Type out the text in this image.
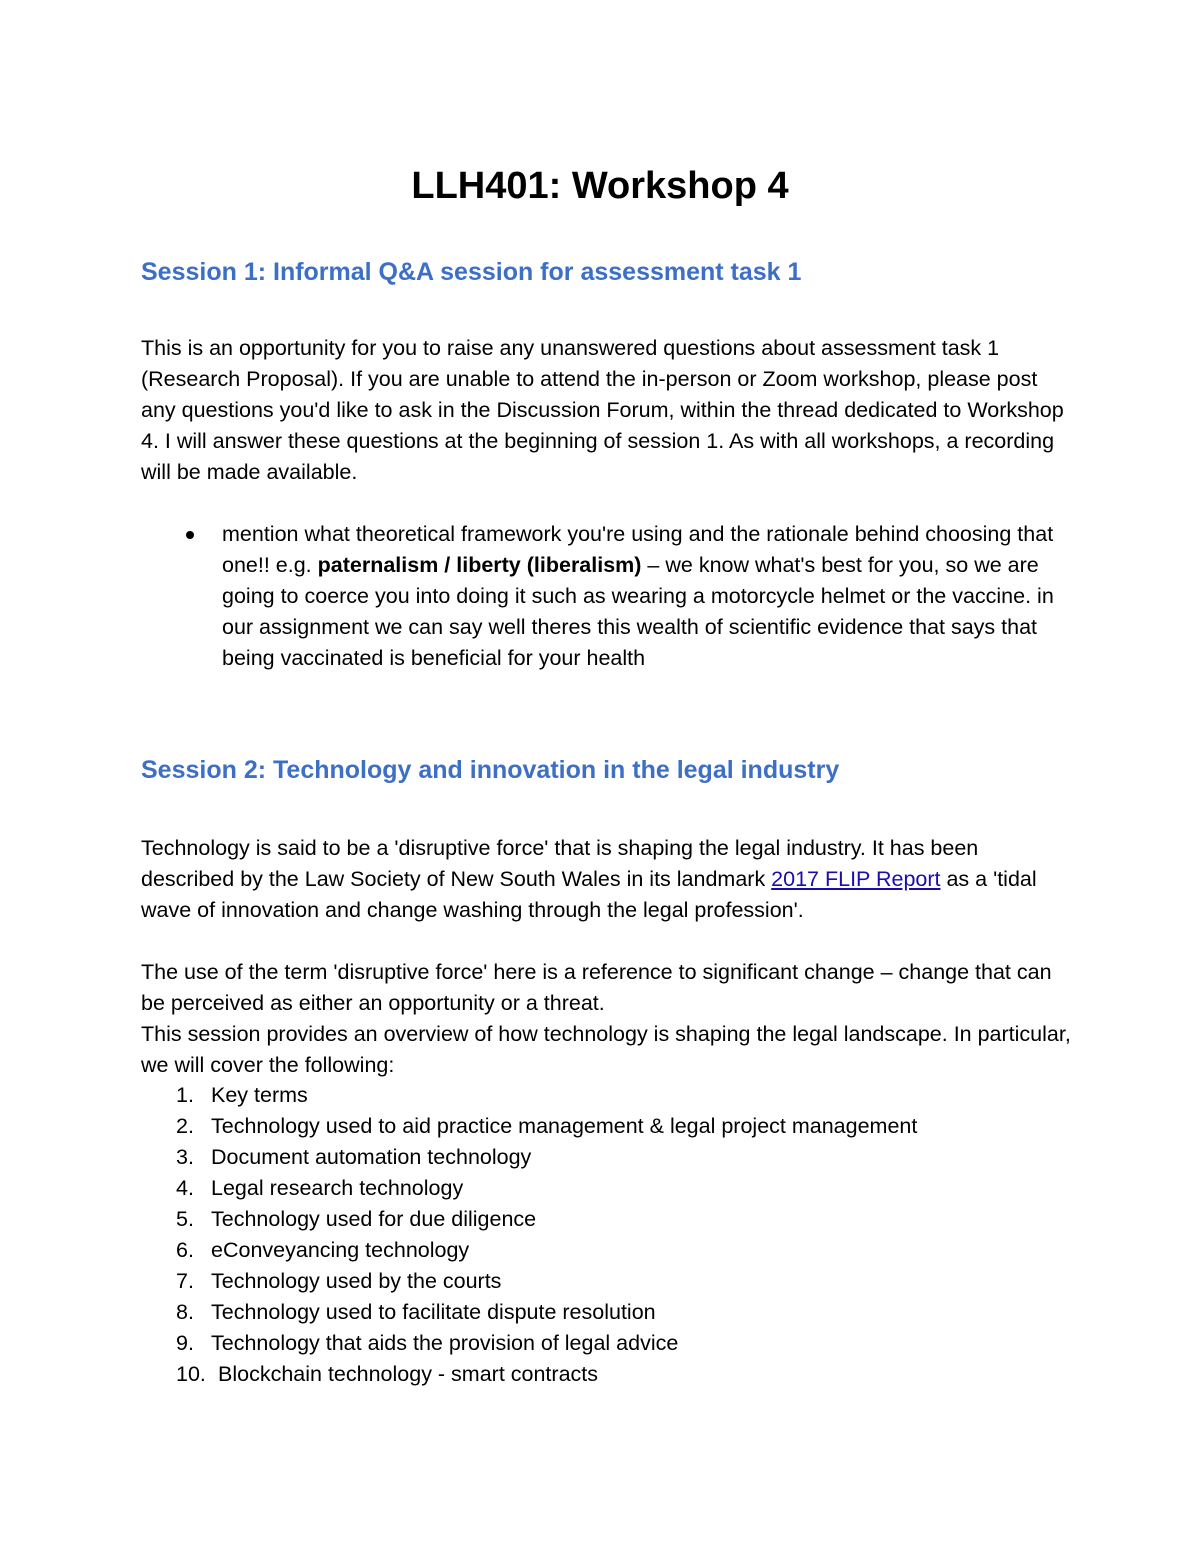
LLH401: Workshop 4
Session 1: Informal Q&A session for assessment task 1

This is an opportunity for you to raise any unanswered questions about assessment task 1 (Research Proposal). If you are unable to attend the in-person or Zoom workshop, please post any questions you'd like to ask in the Discussion Forum, within the thread dedicated to Workshop 4. I will answer these questions at the beginning of session 1. As with all workshops, a recording will be made available.

mention what theoretical framework you're using and the rationale behind choosing that one!! e.g. paternalism / liberty (liberalism) – we know what's best for you, so we are going to coerce you into doing it such as wearing a motorcycle helmet or the vaccine. in our assignment we can say well theres this wealth of scientific evidence that says that being vaccinated is beneficial for your health

Session 2: Technology and innovation in the legal industry

Technology is said to be a 'disruptive force' that is shaping the legal industry. It has been described by the Law Society of New South Wales in its landmark 2017 FLIP Report as a 'tidal wave of innovation and change washing through the legal profession'.

The use of the term 'disruptive force' here is a reference to significant change – change that can be perceived as either an opportunity or a threat.

This session provides an overview of how technology is shaping the legal landscape. In particular, we will cover the following:

1. Key terms
2. Technology used to aid practice management & legal project management
3. Document automation technology
4. Legal research technology
5. Technology used for due diligence
6. eConveyancing technology
7. Technology used by the courts
8. Technology used to facilitate dispute resolution
9. Technology that aids the provision of legal advice
10. Blockchain technology - smart contracts
